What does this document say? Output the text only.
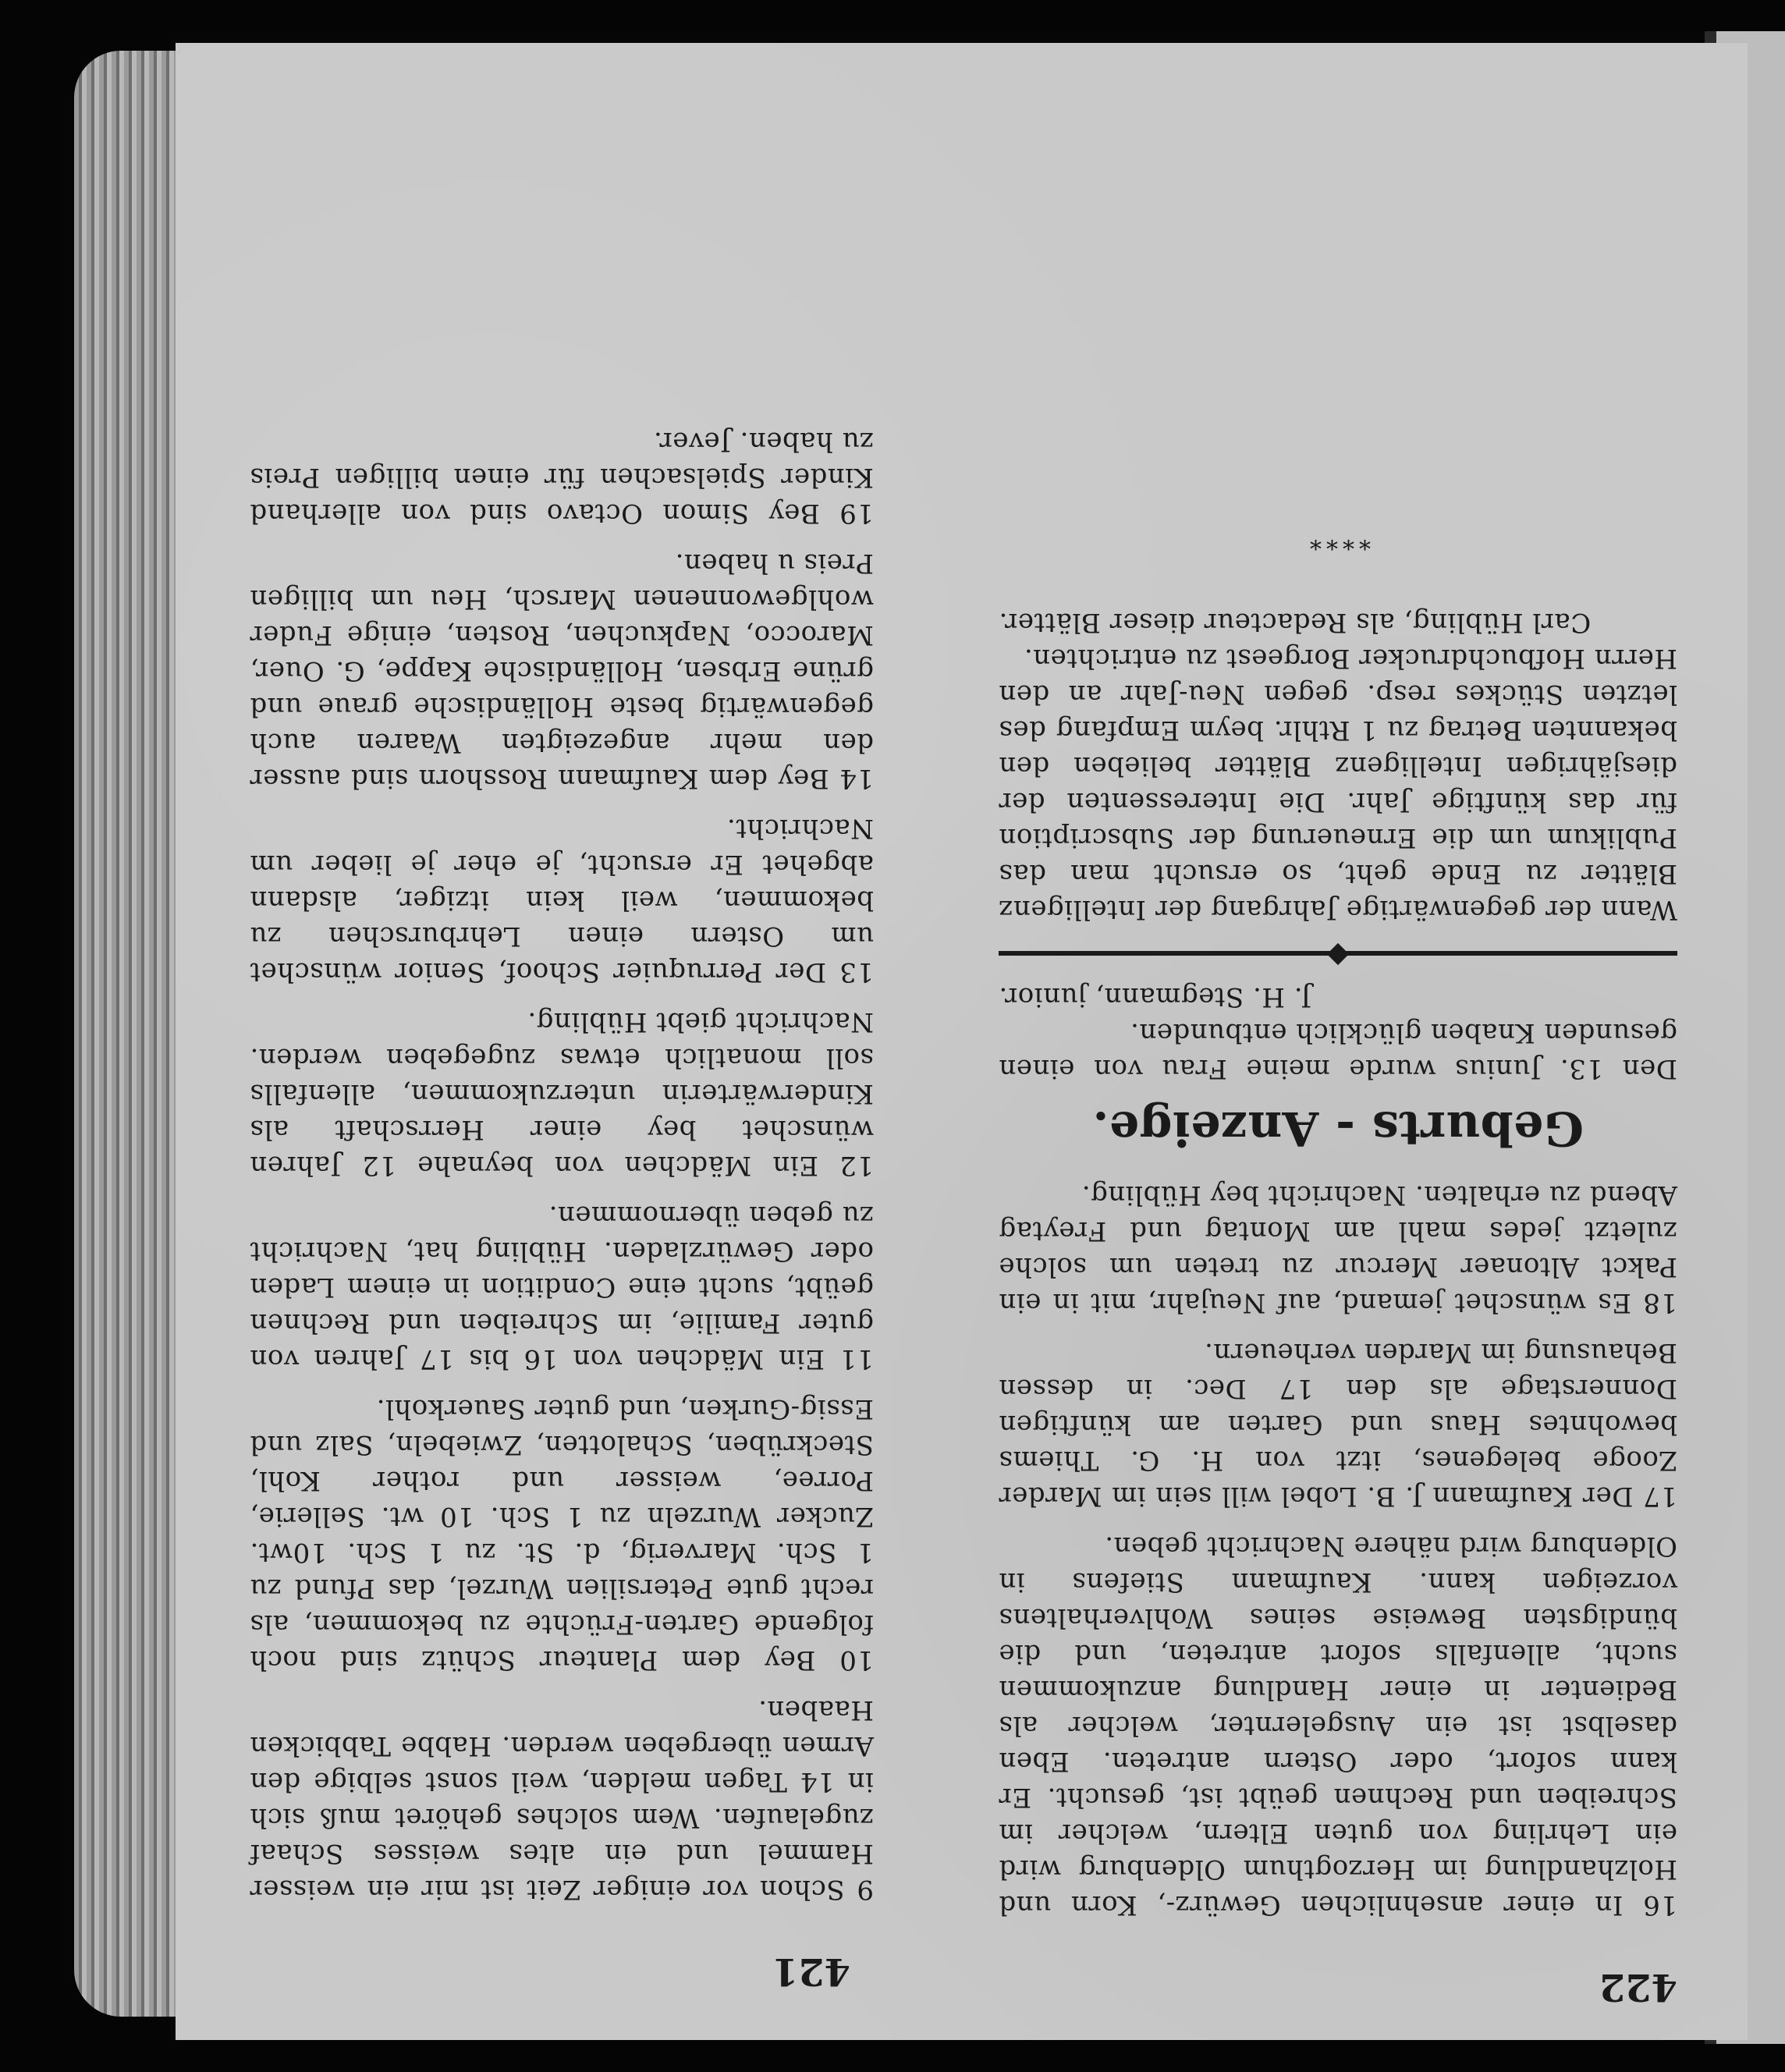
422
421

16 In einer ansehnlichen Gewürz-, Korn und Holzhandlung im Herzogthum Oldenburg wird ein Lehrling von guten Eltern, welcher im Schreiben und Rechnen geübt ist, gesucht. Er kann sofort, oder Ostern antreten. Eben daselbst ist ein Ausgelernter, welcher als Bedienter in einer Handlung anzukommen sucht, allenfalls sofort antreten, und die bündigsten Beweise seines Wohlverhaltens vorzeigen kann. Kaufmann Stiefens in Oldenburg wird nähere Nachricht geben.

17 Der Kaufmann J. B. Lobel will sein im Marder Zooge belegenes, itzt von H. G. Thiems bewohntes Haus und Garten am künftigen Donnerstage als den 17 Dec. in dessen Behausung im Marden verheuern.

18 Es wünschet jemand, auf Neujahr, mit in ein Pakct Altonaer Mercur zu treten um solche zuletzt jedes mahl am Montag und Freytag Abend zu erhalten. Nachricht bey Hübling.

Geburts - Anzeige.

Den 13. Junius wurde meine Frau von einen gesunden Knaben glücklich entbunden.
J. H. Stegmann, junior.

Wann der gegenwärtige Jahrgang der Intelligenz Blätter zu Ende geht, so ersucht man das Publikum um die Erneuerung der Subscription für das künftige Jahr. Die Interessenten der diesjährigen Intelligenz Blätter belieben den bekannten Betrag zu 1 Rthlr. beym Empfang des letzten Stückes resp. gegen Neu-Jahr an den Herrn Hofbuchdrucker Borgeest zu entrichten.
Carl Hübling, als Redacteur dieser Blätter.

****

9 Schon vor einiger Zeit ist mir ein weisser Hammel und ein altes weisses Schaaf zugelaufen. Wem solches gehöret muß sich in 14 Tagen melden, weil sonst selbige den Armen übergeben werden. Habbe Tabbicken Haaben.

10 Bey dem Planteur Schütz sind noch folgende Garten-Früchte zu bekommen, als recht gute Petersilien Wurzel, das Pfund zu 1 Sch. Marverig, d. St. zu 1 Sch. 10wt. Zucker Wurzeln zu 1 Sch. 10 wt. Sellerie, Porree, weisser und rother Kohl, Steckrüben, Schalotten, Zwiebeln, Salz und Essig-Gurken, und guter Sauerkohl.

11 Ein Mädchen von 16 bis 17 Jahren von guter Familie, im Schreiben und Rechnen geübt, sucht eine Condition in einem Laden oder Gewürzladen. Hübling hat, Nachricht zu geben übernommen.

12 Ein Mädchen von beynahe 12 Jahren wünschet bey einer Herrschaft als Kinderwärterin unterzukommen, allenfalls soll monatlich etwas zugegeben werden. Nachricht giebt Hübling.

13 Der Perruquier Schoof, Senior wünschet um Ostern einen Lehrburschen zu bekommen, weil kein itziger, alsdann abgehet Er ersucht, je eher je lieber um Nachricht.

14 Bey dem Kaufmann Rosshorn sind ausser den mehr angezeigten Waaren auch gegenwärtig beste Holländische graue und grüne Erbsen, Holländische Kappe, G. Ouer, Marocco, Napkuchen, Rosten, einige Fuder wohlgewonnenen Marsch, Heu um billigen Preis u haben.

19 Bey Simon Octavo sind von allerhand Kinder Spielsachen für einen billigen Preis zu haben. Jever.
